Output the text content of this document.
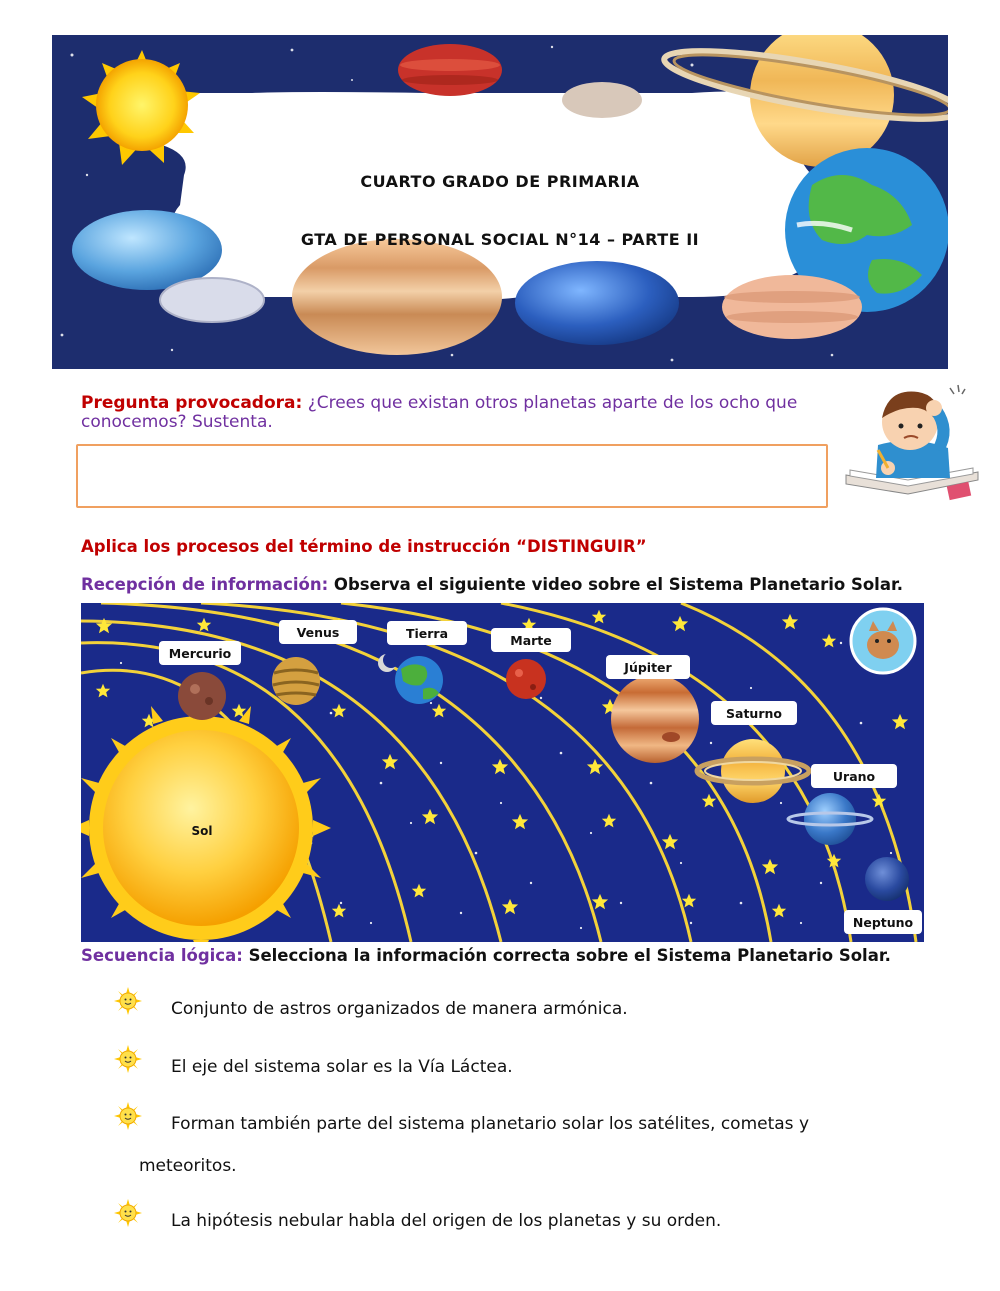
CUARTO GRADO DE PRIMARIA
GTA DE PERSONAL SOCIAL N°14 – PARTE II
Pregunta provocadora: ¿Crees que existan otros planetas aparte de los ocho que conocemos? Sustenta.
Aplica los procesos del término de instrucción “DISTINGUIR”
Recepción de información: Observa el siguiente video sobre el Sistema Planetario Solar.
Sol
Mercurio
Venus	Tierra	Marte
Júpiter
Saturno
Urano
Neptuno
Secuencia lógica: Selecciona la información correcta sobre el Sistema Planetario Solar.
Conjunto de astros organizados de manera armónica.
El eje del sistema solar es la Vía Láctea.
Forman también parte del sistema planetario solar los satélites, cometas y
meteoritos.
La hipótesis nebular habla del origen de los planetas y su orden.
